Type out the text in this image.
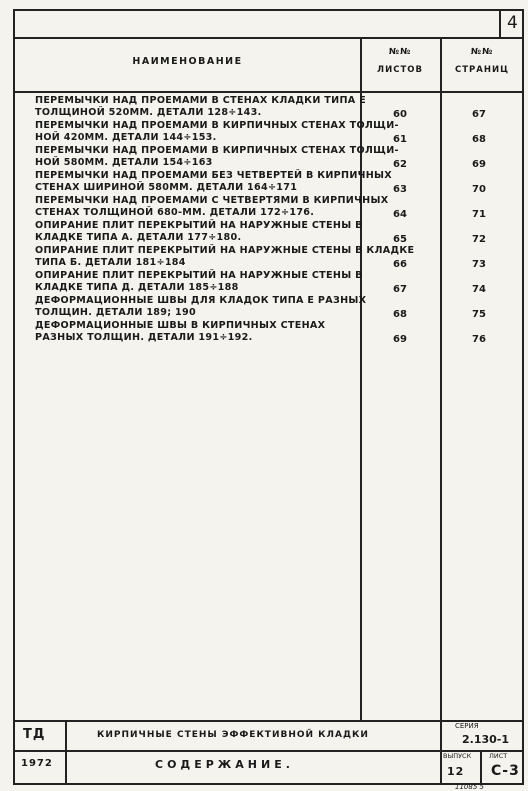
4
НАИМЕНОВАНИЕ
№№
ЛИСТОВ
№№
СТРАНИЦ
ПЕРЕМЫЧКИ НАД ПРОЕМАМИ В СТЕНАХ КЛАДКИ ТИПА Е
ТОЛЩИНОЙ 520ММ. ДЕТАЛИ 128÷143.	60	67
ПЕРЕМЫЧКИ НАД ПРОЕМАМИ В КИРПИЧНЫХ СТЕНАХ ТОЛЩИ-
НОЙ 420ММ. ДЕТАЛИ 144÷153.	61	68
ПЕРЕМЫЧКИ НАД ПРОЕМАМИ В КИРПИЧНЫХ СТЕНАХ ТОЛЩИ-
НОЙ 580ММ. ДЕТАЛИ 154÷163	62	69
ПЕРЕМЫЧКИ НАД ПРОЕМАМИ БЕЗ ЧЕТВЕРТЕЙ В КИРПИЧНЫХ
СТЕНАХ ШИРИНОЙ 580ММ. ДЕТАЛИ 164÷171	63	70
ПЕРЕМЫЧКИ НАД ПРОЕМАМИ С ЧЕТВЕРТЯМИ В КИРПИЧНЫХ
СТЕНАХ ТОЛЩИНОЙ 680-ММ. ДЕТАЛИ 172÷176.	64	71
ОПИРАНИЕ ПЛИТ ПЕРЕКРЫТИЙ НА НАРУЖНЫЕ СТЕНЫ В
КЛАДКЕ ТИПА А. ДЕТАЛИ 177÷180.	65	72
ОПИРАНИЕ ПЛИТ ПЕРЕКРЫТИЙ НА НАРУЖНЫЕ СТЕНЫ В КЛАДКЕ
ТИПА Б. ДЕТАЛИ 181÷184	66	73
ОПИРАНИЕ ПЛИТ ПЕРЕКРЫТИЙ НА НАРУЖНЫЕ СТЕНЫ В
КЛАДКЕ ТИПА Д. ДЕТАЛИ 185÷188	67	74
ДЕФОРМАЦИОННЫЕ ШВЫ ДЛЯ КЛАДОК ТИПА Е РАЗНЫХ
ТОЛЩИН. ДЕТАЛИ 189; 190	68	75
ДЕФОРМАЦИОННЫЕ ШВЫ В КИРПИЧНЫХ СТЕНАХ
РАЗНЫХ ТОЛЩИН. ДЕТАЛИ 191÷192.	69	76
ТД
1972
КИРПИЧНЫЕ СТЕНЫ ЭФФЕКТИВНОЙ КЛАДКИ
СОДЕРЖАНИЕ.
СЕРИЯ
2.130-1
ВЫПУСК
12
ЛИСТ
С-3
11085 5
